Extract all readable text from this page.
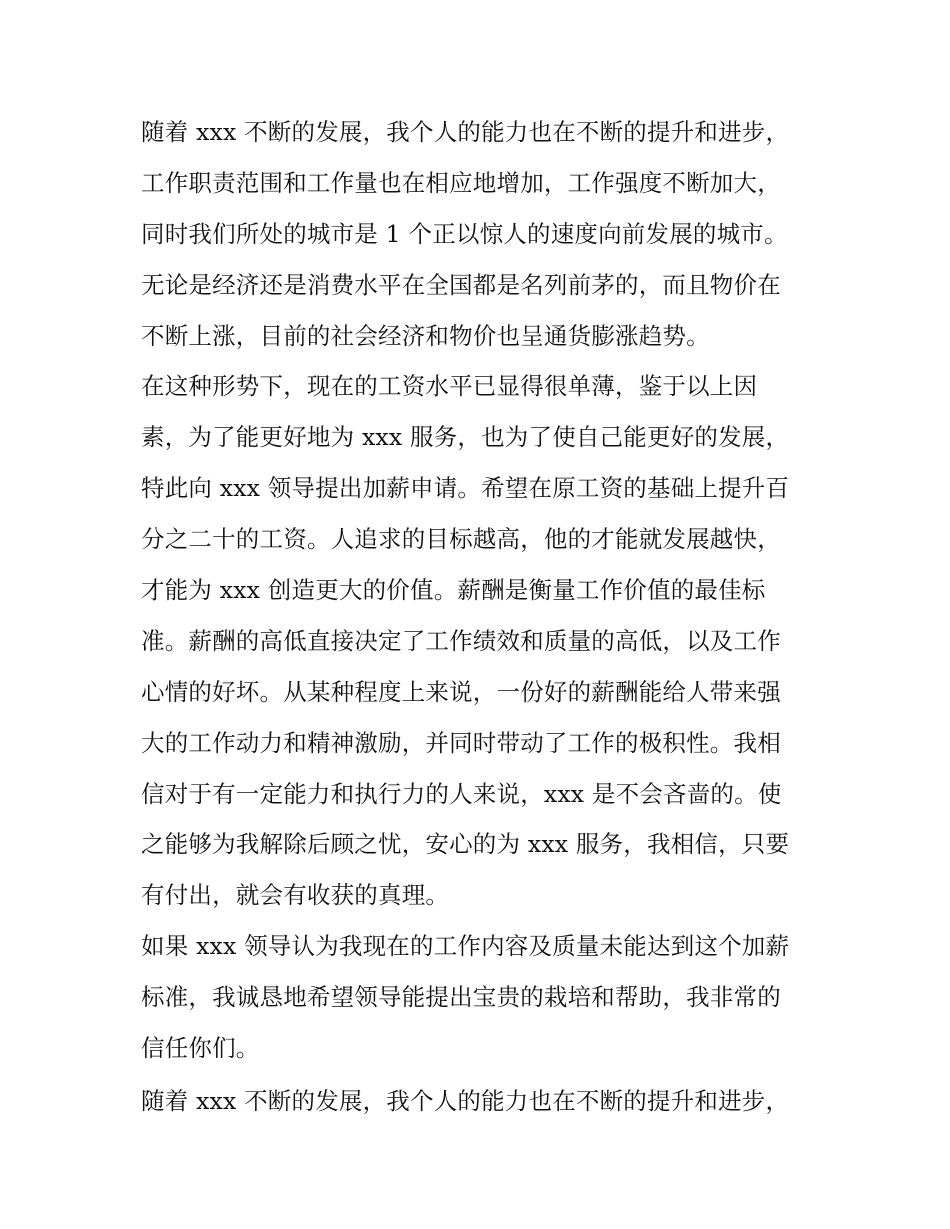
随着 xxx 不断的发展，我个人的能力也在不断的提升和进步，
工作职责范围和工作量也在相应地增加，工作强度不断加大，
同时我们所处的城市是 1 个正以惊人的速度向前发展的城市。
无论是经济还是消费水平在全国都是名列前茅的，而且物价在
不断上涨，目前的社会经济和物价也呈通货膨涨趋势。
在这种形势下，现在的工资水平已显得很单薄，鉴于以上因
素，为了能更好地为 xxx 服务，也为了使自己能更好的发展，
特此向 xxx 领导提出加薪申请。希望在原工资的基础上提升百
分之二十的工资。人追求的目标越高，他的才能就发展越快，
才能为 xxx 创造更大的价值。薪酬是衡量工作价值的最佳标
准。薪酬的高低直接决定了工作绩效和质量的高低，以及工作
心情的好坏。从某种程度上来说，一份好的薪酬能给人带来强
大的工作动力和精神激励，并同时带动了工作的极积性。我相
信对于有一定能力和执行力的人来说，xxx 是不会吝啬的。使
之能够为我解除后顾之忧，安心的为 xxx 服务，我相信，只要
有付出，就会有收获的真理。
如果 xxx 领导认为我现在的工作内容及质量未能达到这个加薪
标准，我诚恳地希望领导能提出宝贵的栽培和帮助，我非常的
信任你们。
随着 xxx 不断的发展，我个人的能力也在不断的提升和进步，
